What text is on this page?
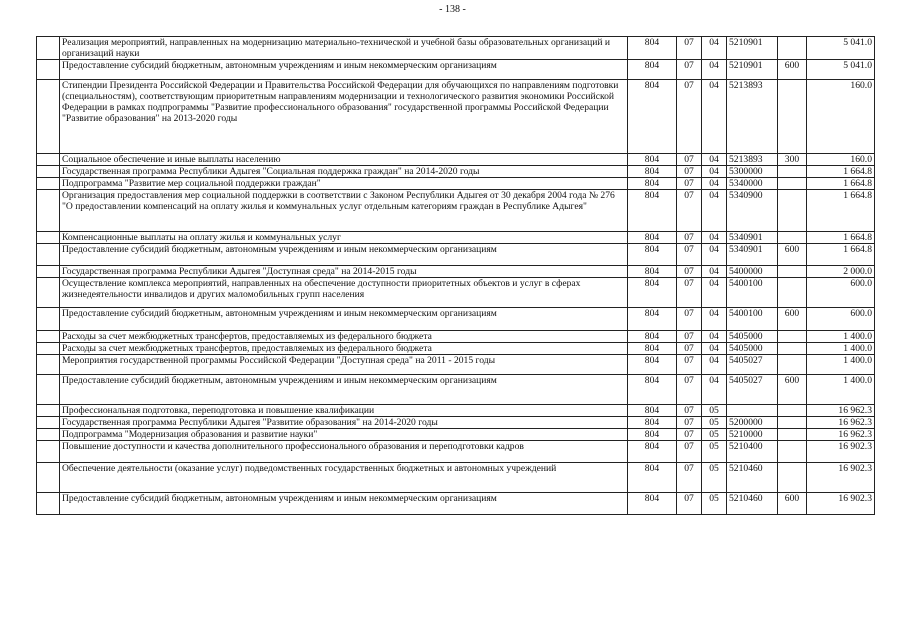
- 138 -
	Реализация мероприятий, направленных на модернизацию материально-технической и учебной базы образовательных организаций и организаций науки	804	07	04	5210901		5 041.0
	Предоставление субсидий бюджетным, автономным учреждениям и иным некоммерческим организациям	804	07	04	5210901	600	5 041.0
	Стипендии Президента Российской Федерации и Правительства Российской Федерации для обучающихся по направлениям подготовки (специальностям), соответствующим приоритетным направлениям модернизации и технологического развития экономики Российской Федерации в рамках подпрограммы "Развитие профессионального образования" государственной программы Российской Федерации "Развитие образования" на 2013-2020 годы	804	07	04	5213893		160.0
	Социальное обеспечение и иные выплаты населению	804	07	04	5213893	300	160.0
	Государственная программа Республики Адыгея "Социальная поддержка граждан" на 2014-2020 годы	804	07	04	5300000		1 664.8
	Подпрограмма "Развитие мер социальной поддержки граждан"	804	07	04	5340000		1 664.8
	Организация предоставления мер социальной поддержки в соответствии с Законом Республики Адыгея от 30 декабря 2004 года № 276 "О предоставлении компенсаций на оплату жилья и коммунальных услуг отдельным категориям граждан в Республике Адыгея"	804	07	04	5340900		1 664.8
	Компенсационные выплаты на оплату жилья и коммунальных услуг	804	07	04	5340901		1 664.8
	Предоставление субсидий бюджетным, автономным учреждениям и иным некоммерческим организациям	804	07	04	5340901	600	1 664.8
	Государственная программа Республики Адыгея "Доступная среда" на 2014-2015 годы	804	07	04	5400000		2 000.0
	Осуществление комплекса мероприятий, направленных на обеспечение доступности приоритетных объектов и услуг в сферах жизнедеятельности инвалидов и других маломобильных групп населения	804	07	04	5400100		600.0
	Предоставление субсидий бюджетным, автономным учреждениям и иным некоммерческим организациям	804	07	04	5400100	600	600.0
	Расходы за счет межбюджетных трансфертов, предоставляемых из федерального бюджета	804	07	04	5405000		1 400.0
	Расходы за счет межбюджетных трансфертов, предоставляемых из федерального бюджета	804	07	04	5405000		1 400.0
	Мероприятия государственной программы Российской Федерации "Доступная среда" на 2011 - 2015 годы	804	07	04	5405027		1 400.0
	Предоставление субсидий бюджетным, автономным учреждениям и иным некоммерческим организациям	804	07	04	5405027	600	1 400.0
	Профессиональная подготовка, переподготовка и повышение квалификации	804	07	05			16 962.3
	Государственная программа Республики Адыгея "Развитие образования" на 2014-2020 годы	804	07	05	5200000		16 962.3
	Подпрограмма "Модернизация образования и развитие науки"	804	07	05	5210000		16 962.3
	Повышение доступности и качества дополнительного профессионального образования и переподготовки кадров	804	07	05	5210400		16 902.3
	Обеспечение деятельности (оказание услуг) подведомственных государственных бюджетных и автономных учреждений	804	07	05	5210460		16 902.3
	Предоставление субсидий бюджетным, автономным учреждениям и иным некоммерческим организациям	804	07	05	5210460	600	16 902.3
